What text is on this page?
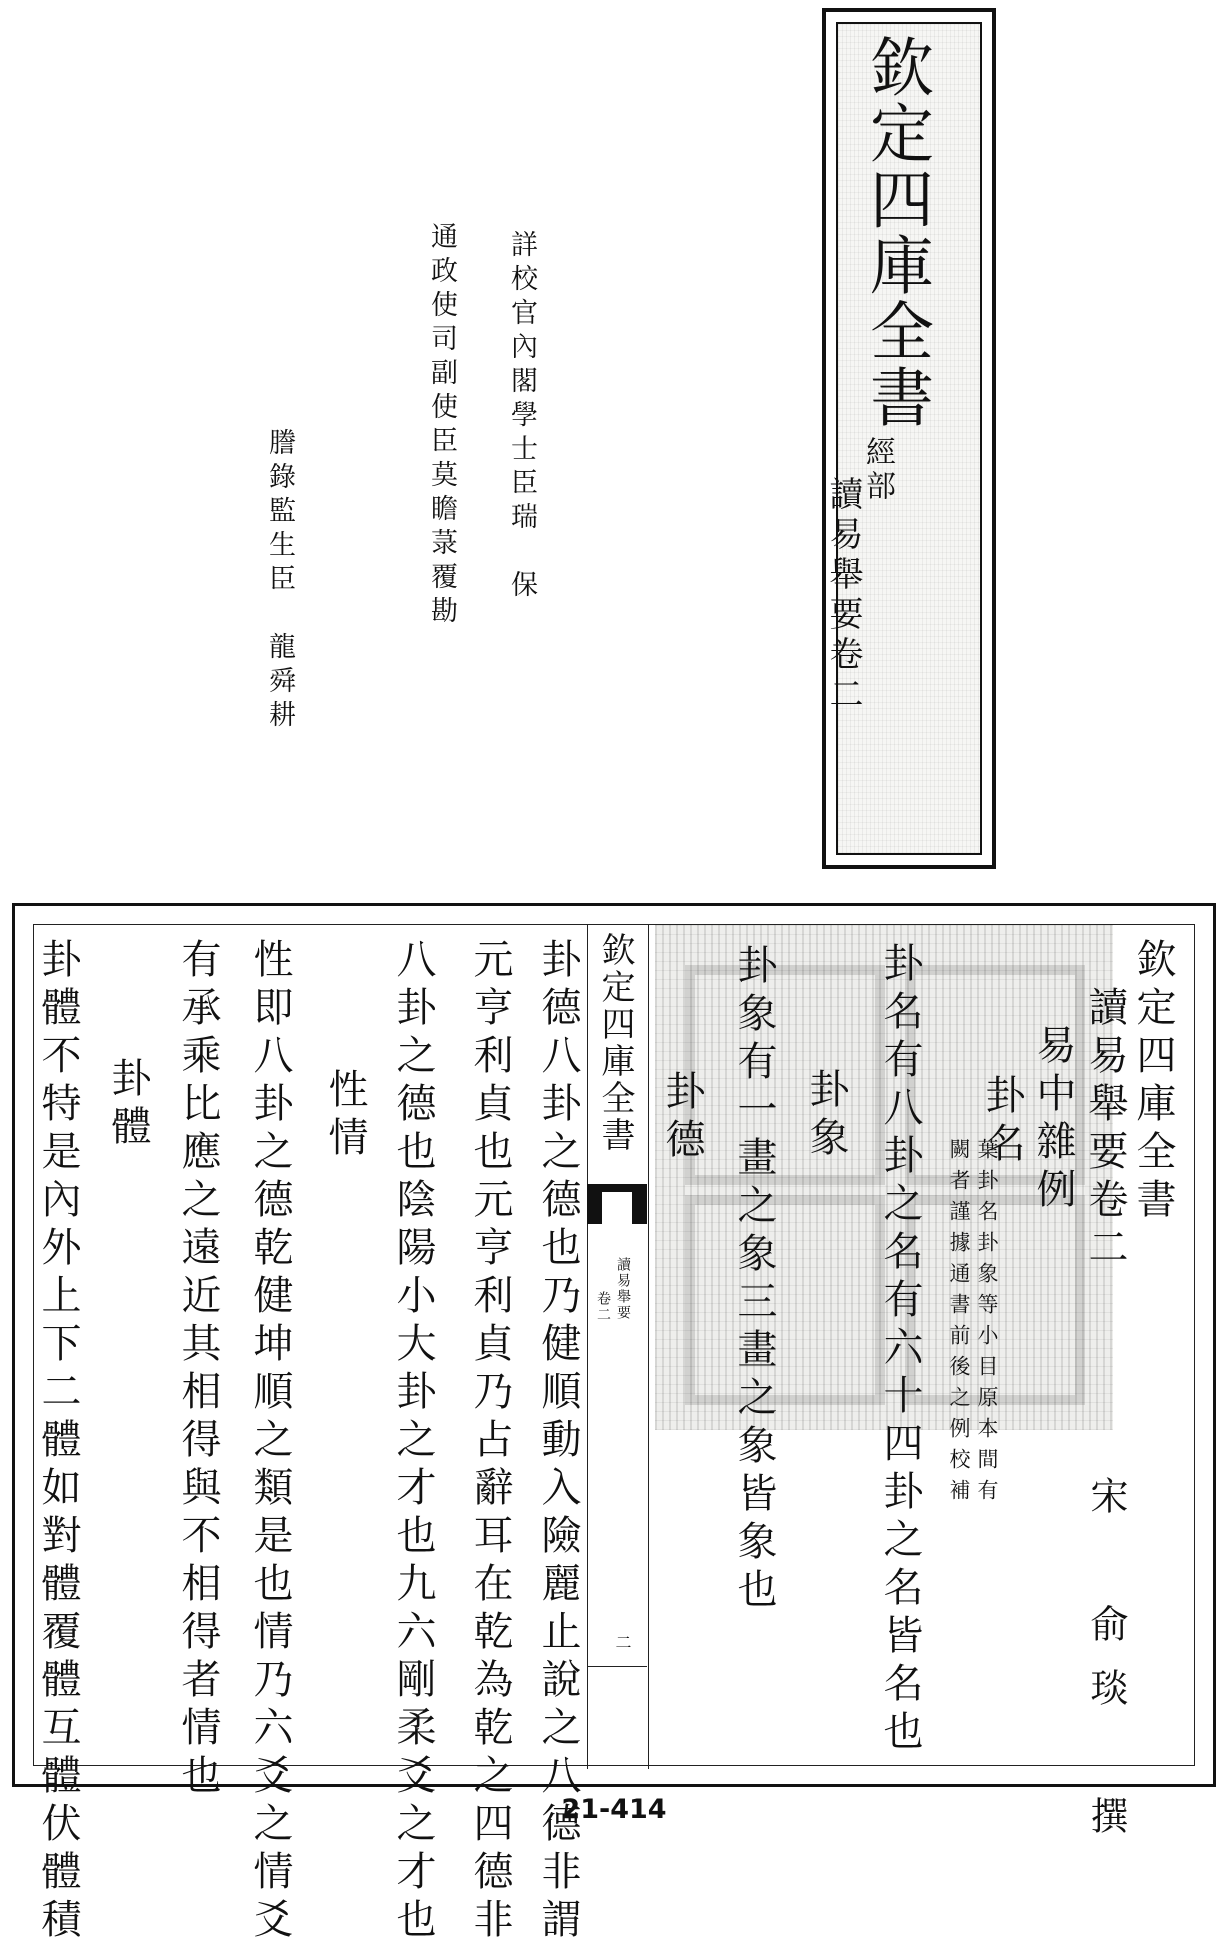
欽定四庫全書
經部
讀易舉要卷二
詳校官內閣學士臣瑞　保
通政使司副使臣莫瞻菉覆勘
謄錄監生臣　龍舜耕
欽定四庫全書
讀易舉要
卷二
二
欽定四庫全書
讀易舉要卷二
宋　俞琰　撰
易中雜例
卦名
葉卦名卦象等小目原本間有
闕者謹據通書前後之例校補
卦名有八卦之名有六十四卦之名皆名也
卦象
卦象有一畫之象三畫之象皆象也
卦德
卦德八卦之德也乃健順動入險麗止說之八德非謂
元亨利貞也元亨利貞乃占辭耳在乾為乾之四德非
八卦之德也陰陽小大卦之才也九六剛柔爻之才也
性情
性即八卦之德乾健坤順之類是也情乃六爻之情爻
有承乘比應之遠近其相得與不相得者情也
卦體
卦體不特是內外上下二體如對體覆體互體伏體積	21-414
